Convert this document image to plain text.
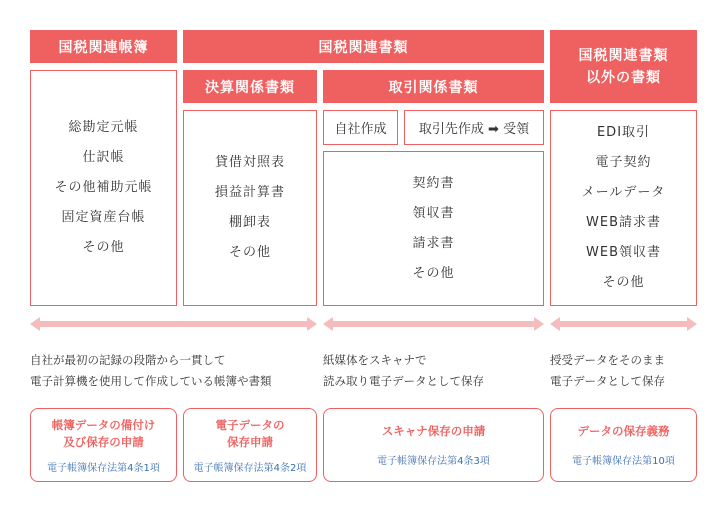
国税関連帳簿	国税関連書類	国税関連書類
以外の書類
決算関係書類	取引関係書類
自社作成	取引先作成 ➡ 受領
総勘定元帳
仕訳帳
その他補助元帳
固定資産台帳
その他
貸借対照表
損益計算書
棚卸表
その他
契約書
領収書
請求書
その他
EDI取引
電子契約
メールデータ
WEB請求書
WEB領収書
その他
自社が最初の記録の段階から一貫して
電子計算機を使用して作成している帳簿や書類
紙媒体をスキャナで
読み取り電子データとして保存
授受データをそのまま
電子データとして保存
帳簿データの備付け
及び保存の申請
電子帳簿保存法第4条1項
電子データの
保存申請
電子帳簿保存法第4条2項
スキャナ保存の申請
電子帳簿保存法第4条3項
データの保存義務
電子帳簿保存法第10項
